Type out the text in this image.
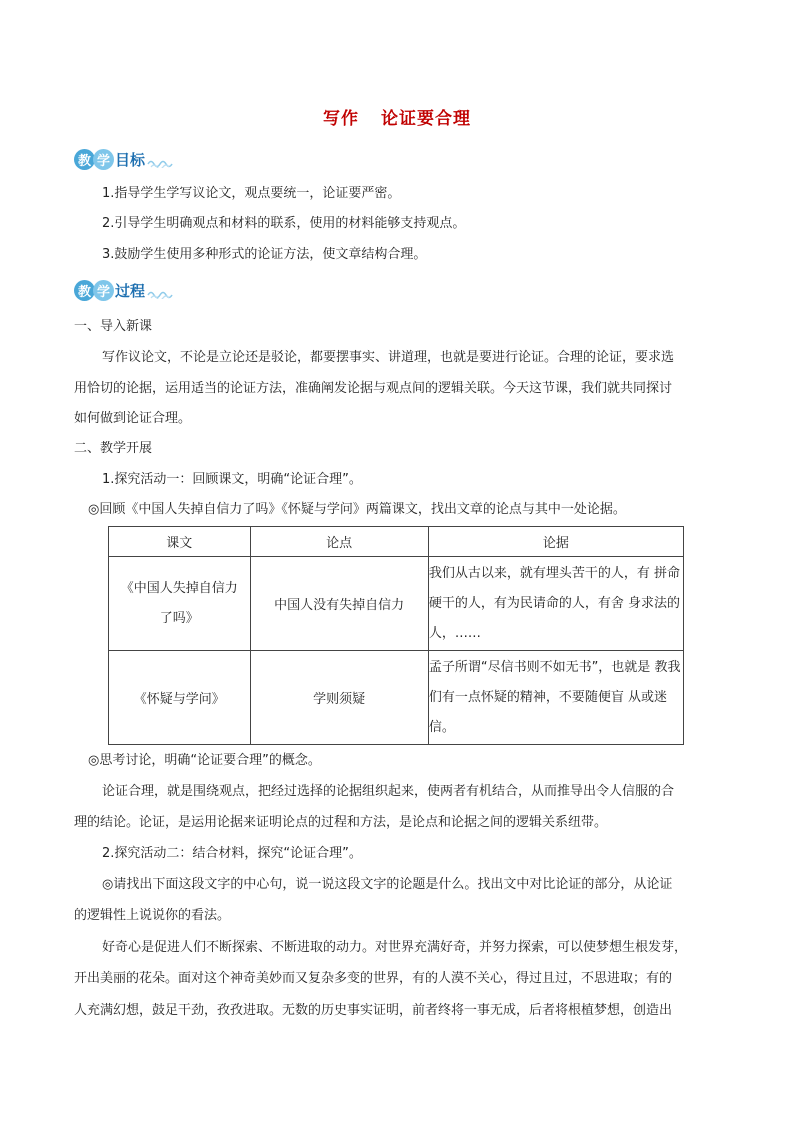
写作 论证要合理
教 学 目标
1.指导学生学写议论文，观点要统一，论证要严密。
2.引导学生明确观点和材料的联系，使用的材料能够支持观点。
3.鼓励学生使用多种形式的论证方法，使文章结构合理。
教 学 过程
一、导入新课
写作议论文，不论是立论还是驳论，都要摆事实、讲道理，也就是要进行论证。合理的论证，要求选
用恰切的论据，运用适当的论证方法，准确阐发论据与观点间的逻辑关联。今天这节课，我们就共同探讨
如何做到论证合理。
二、教学开展
1.探究活动一：回顾课文，明确“论证合理”。
◎回顾《中国人失掉自信力了吗》《怀疑与学问》两篇课文，找出文章的论点与其中一处论据。
课文	论点	论据

《中国人失掉自信力
了吗》	中国人没有失掉自信力	我们从古以来，就有埋头苦干的人，有 拼命硬干的人，有为民请命的人，有舍 身求法的人，……
《怀疑与学问》	学则须疑	孟子所谓“尽信书则不如无书”，也就是 教我们有一点怀疑的精神，不要随便盲 从或迷信。
◎思考讨论，明确“论证要合理”的概念。
论证合理，就是围绕观点，把经过选择的论据组织起来，使两者有机结合，从而推导出令人信服的合
理的结论。论证，是运用论据来证明论点的过程和方法，是论点和论据之间的逻辑关系纽带。
2.探究活动二：结合材料，探究“论证合理”。
◎请找出下面这段文字的中心句，说一说这段文字的论题是什么。找出文中对比论证的部分，从论证
的逻辑性上说说你的看法。
好奇心是促进人们不断探索、不断进取的动力。对世界充满好奇，并努力探索，可以使梦想生根发芽，
开出美丽的花朵。面对这个神奇美妙而又复杂多变的世界，有的人漠不关心，得过且过，不思进取；有的
人充满幻想，鼓足干劲，孜孜进取。无数的历史事实证明，前者终将一事无成，后者将根植梦想，创造出
